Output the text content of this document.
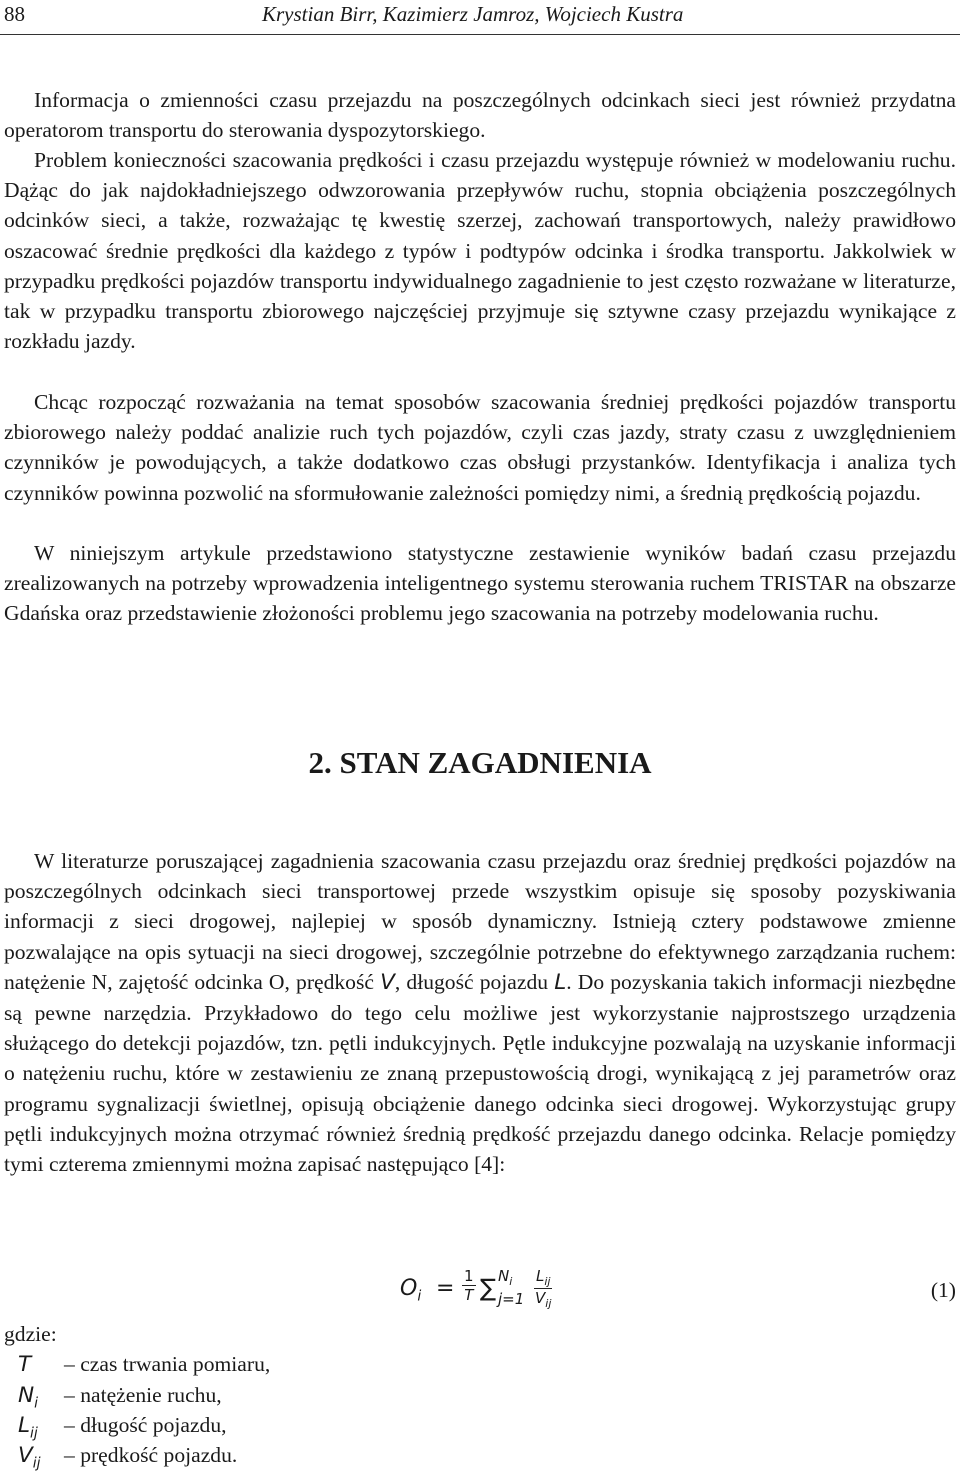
88	Krystian Birr, Kazimierz Jamroz, Wojciech Kustra

Informacja o zmienności czasu przejazdu na poszczególnych odcinkach sieci jest również przydatna operatorom transportu do sterowania dyspozytorskiego.

Problem konieczności szacowania prędkości i czasu przejazdu występuje również w modelowaniu ruchu. Dążąc do jak najdokładniejszego odwzorowania przepływów ruchu, stopnia obciążenia poszczególnych odcinków sieci, a także, rozważając tę kwestię szerzej, zachowań transportowych, należy prawidłowo oszacować średnie prędkości dla każdego z typów i podtypów odcinka i środka transportu. Jakkolwiek w przypadku prędkości pojazdów transportu indywidualnego zagadnienie to jest często rozważane w literaturze, tak w przypadku transportu zbiorowego najczęściej przyjmuje się sztywne czasy przejazdu wynikające z rozkładu jazdy.

Chcąc rozpocząć rozważania na temat sposobów szacowania średniej prędkości pojazdów transportu zbiorowego należy poddać analizie ruch tych pojazdów, czyli czas jazdy, straty czasu z uwzględnieniem czynników je powodujących, a także dodatkowo czas obsługi przystanków. Identyfikacja i analiza tych czynników powinna pozwolić na sformułowanie zależności pomiędzy nimi, a średnią prędkością pojazdu.

W niniejszym artykule przedstawiono statystyczne zestawienie wyników badań czasu przejazdu zrealizowanych na potrzeby wprowadzenia inteligentnego systemu sterowania ruchem TRISTAR na obszarze Gdańska oraz przedstawienie złożoności problemu jego szacowania na potrzeby modelowania ruchu.

2. STAN ZAGADNIENIA

W literaturze poruszającej zagadnienia szacowania czasu przejazdu oraz średniej prędkości pojazdów na poszczególnych odcinkach sieci transportowej przede wszystkim opisuje się sposoby pozyskiwania informacji z sieci drogowej, najlepiej w sposób dynamiczny. Istnieją cztery podstawowe zmienne pozwalające na opis sytuacji na sieci drogowej, szczególnie potrzebne do efektywnego zarządzania ruchem: natężenie N, zajętość odcinka O, prędkość V, długość pojazdu L. Do pozyskania takich informacji niezbędne są pewne narzędzia. Przykładowo do tego celu możliwe jest wykorzystanie najprostszego urządzenia służącego do detekcji pojazdów, tzn. pętli indukcyjnych. Pętle indukcyjne pozwalają na uzyskanie informacji o natężeniu ruchu, które w zestawieniu ze znaną przepustowością drogi, wynikającą z jej parametrów oraz programu sygnalizacji świetlnej, opisują obciążenie danego odcinka sieci drogowej. Wykorzystując grupy pętli indukcyjnych można otrzymać również średnią prędkość przejazdu danego odcinka. Relacje pomiędzy tymi czterema zmiennymi można zapisać następująco [4]:

$O_i = \frac{1}{T}$ ∑ $N_i$
j=1
$L_{ij}$
$V_{ij}$
(1)
gdzie:
T	– czas trwania pomiaru,
$N_i$	– natężenie ruchu,
$L_{ij}$	– długość pojazdu,
$V_{ij}$	– prędkość pojazdu.
